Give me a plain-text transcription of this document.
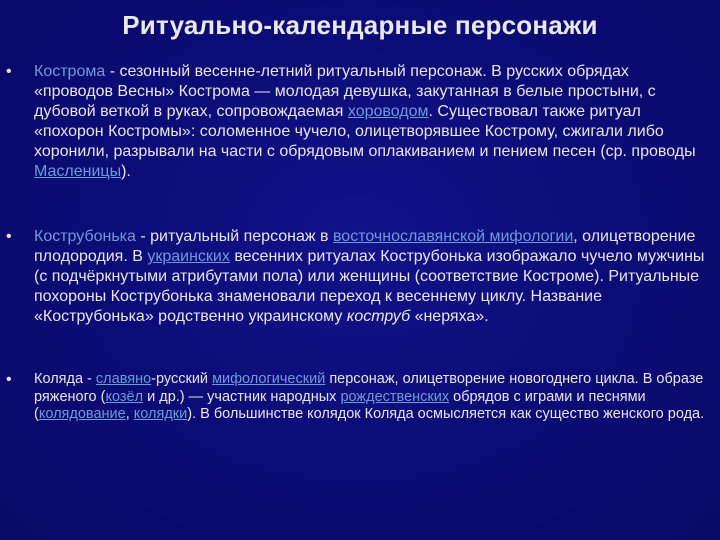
Ритуально-календарные персонажи
• Кострома - сезонный весенне-летний ритуальный персонаж. В русских обрядах «проводов Весны» Кострома — молодая девушка, закутанная в белые простыни, с дубовой веткой в руках, сопровождаемая хороводом. Существовал также ритуал «похорон Костромы»: соломенное чучело, олицетворявшее Кострому, сжигали либо хоронили, разрывали на части с обрядовым оплакиванием и пением песен (ср. проводы Масленицы).
• Кострубонька - ритуальный персонаж в восточнославянской мифологии, олицетворение плодородия. В украинских весенних ритуалах Кострубонька изображало чучело мужчины (с подчёркнутыми атрибутами пола) или женщины (соответствие Костроме). Ритуальные похороны Кострубонька знаменовали переход к весеннему циклу. Название «Кострубонька» родственно украинскому коструб «неряха».
• Коляда - славяно-русский мифологический персонаж, олицетворение новогоднего цикла. В образе ряженого (козёл и др.) — участник народных рождественских обрядов с играми и песнями (колядование, колядки). В большинстве колядок Коляда осмысляется как существо женского рода.
